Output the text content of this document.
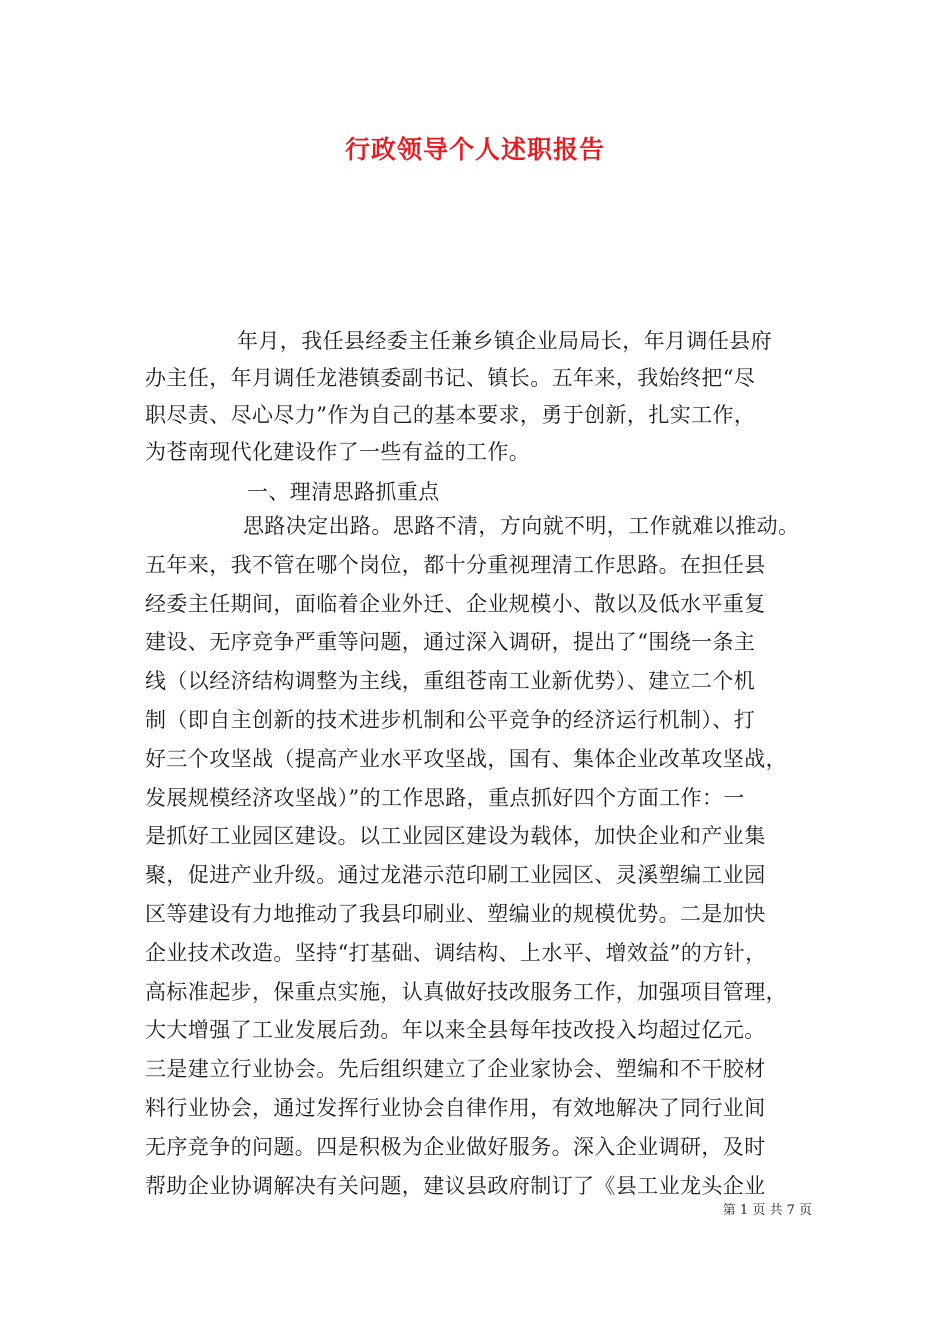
行政领导个人述职报告
年月，我任县经委主任兼乡镇企业局局长，年月调任县府
办主任，年月调任龙港镇委副书记、镇长。五年来，我始终把“尽
职尽责、尽心尽力”作为自己的基本要求，勇于创新，扎实工作，
为苍南现代化建设作了一些有益的工作。
一、理清思路抓重点
思路决定出路。思路不清，方向就不明，工作就难以推动。
五年来，我不管在哪个岗位，都十分重视理清工作思路。在担任县
经委主任期间，面临着企业外迁、企业规模小、散以及低水平重复
建设、无序竞争严重等问题，通过深入调研，提出了“围绕一条主
线（以经济结构调整为主线，重组苍南工业新优势）、建立二个机
制（即自主创新的技术进步机制和公平竞争的经济运行机制）、打
好三个攻坚战（提高产业水平攻坚战，国有、集体企业改革攻坚战，
发展规模经济攻坚战）”的工作思路，重点抓好四个方面工作：一
是抓好工业园区建设。以工业园区建设为载体，加快企业和产业集
聚，促进产业升级。通过龙港示范印刷工业园区、灵溪塑编工业园
区等建设有力地推动了我县印刷业、塑编业的规模优势。二是加快
企业技术改造。坚持“打基础、调结构、上水平、增效益”的方针，
高标准起步，保重点实施，认真做好技改服务工作，加强项目管理，
大大增强了工业发展后劲。年以来全县每年技改投入均超过亿元。
三是建立行业协会。先后组织建立了企业家协会、塑编和不干胶材
料行业协会，通过发挥行业协会自律作用，有效地解决了同行业间
无序竞争的问题。四是积极为企业做好服务。深入企业调研，及时
帮助企业协调解决有关问题，建议县政府制订了《县工业龙头企业
第 1 页 共 7 页
